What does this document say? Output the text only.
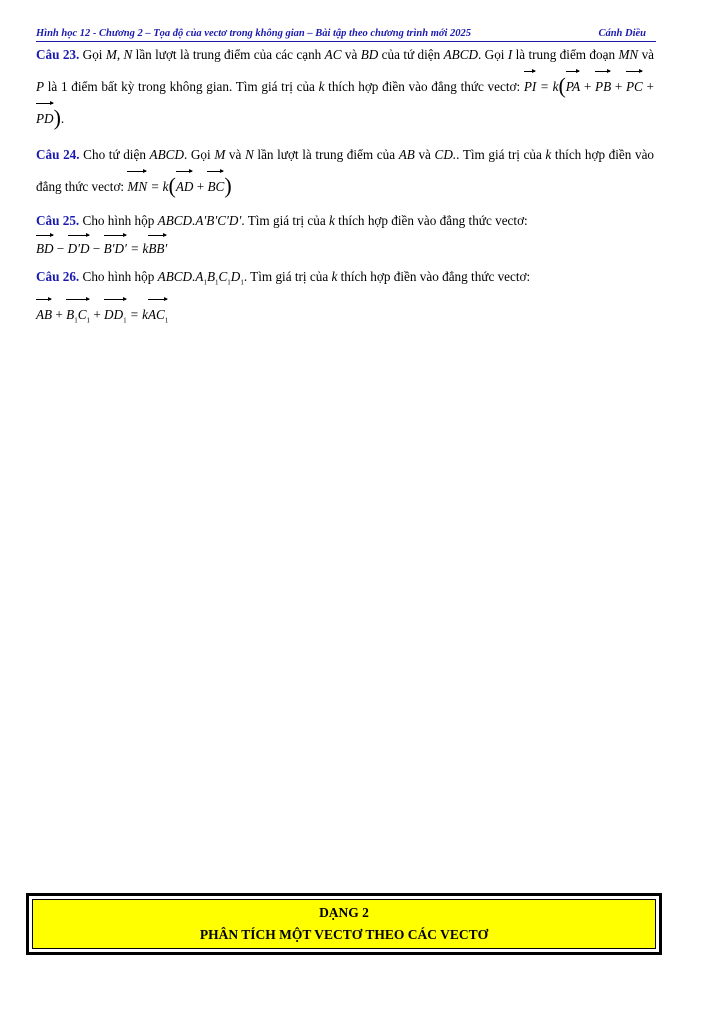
Hình học 12 - Chương 2 – Tọa độ của vectơ trong không gian – Bài tập theo chương trình mới 2025	Cánh Diều

Câu 23. Gọi M, N lần lượt là trung điểm của các cạnh AC và BD của tứ diện ABCD. Gọi I là trung điểm đoạn MN và P là 1 điểm bất kỳ trong không gian. Tìm giá trị của k thích hợp điền vào đẳng thức vectơ: PI = k(PA + PB + PC + PD).

Câu 24. Cho tứ diện ABCD. Gọi M và N lần lượt là trung điểm của AB và CD.. Tìm giá trị của k thích hợp điền vào đẳng thức vectơ: MN = k(AD + BC)

Câu 25. Cho hình hộp ABCD.A′B′C′D′. Tìm giá trị của k thích hợp điền vào đẳng thức vectơ:
BD − D′D − B′D′ = kBB′

Câu 26. Cho hình hộp $ABCD.A_1B_1C_1D_1$. Tìm giá trị của k thích hợp điền vào đẳng thức vectơ:
AB + $B_1C_1 + DD_1 = kAC_1$

DẠNG 2
PHÂN TÍCH MỘT VECTƠ THEO CÁC VECTƠ
